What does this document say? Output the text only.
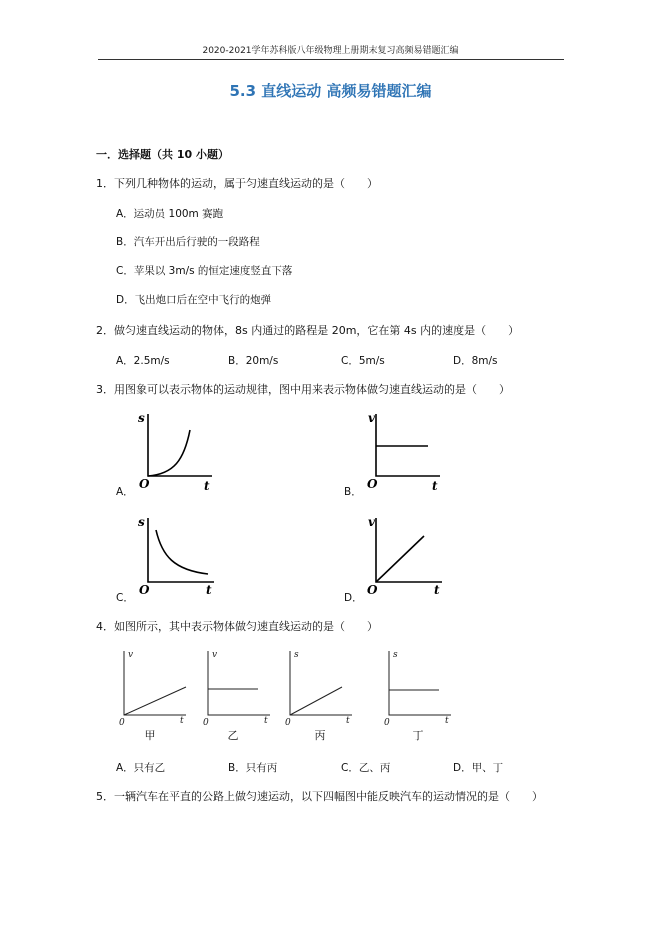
2020-2021学年苏科版八年级物理上册期末复习高频易错题汇编
5.3 直线运动 高频易错题汇编
一．选择题（共 10 小题）
1．下列几种物体的运动，属于匀速直线运动的是（　　）
A．运动员 100m 赛跑
B．汽车开出后行驶的一段路程
C．苹果以 3m/s 的恒定速度竖直下落
D．飞出炮口后在空中飞行的炮弹
2．做匀速直线运动的物体，8s 内通过的路程是 20m，它在第 4s 内的速度是（　　）
A．2.5m/s	B．20m/s	C．5m/s	D．8m/s
3．用图象可以表示物体的运动规律，图中用来表示物体做匀速直线运动的是（　　）
s
t
O
A．
v
t
O
B．
s
t
O
C．
v
t
O
D．
4．如图所示，其中表示物体做匀速直线运动的是（　　）
v
t
0
甲
v
t
0
乙
s
t
0
丙
s
t
0
丁
A．只有乙	B．只有丙	C．乙、丙	D．甲、丁
5．一辆汽车在平直的公路上做匀速运动，以下四幅图中能反映汽车的运动情况的是（　　）
